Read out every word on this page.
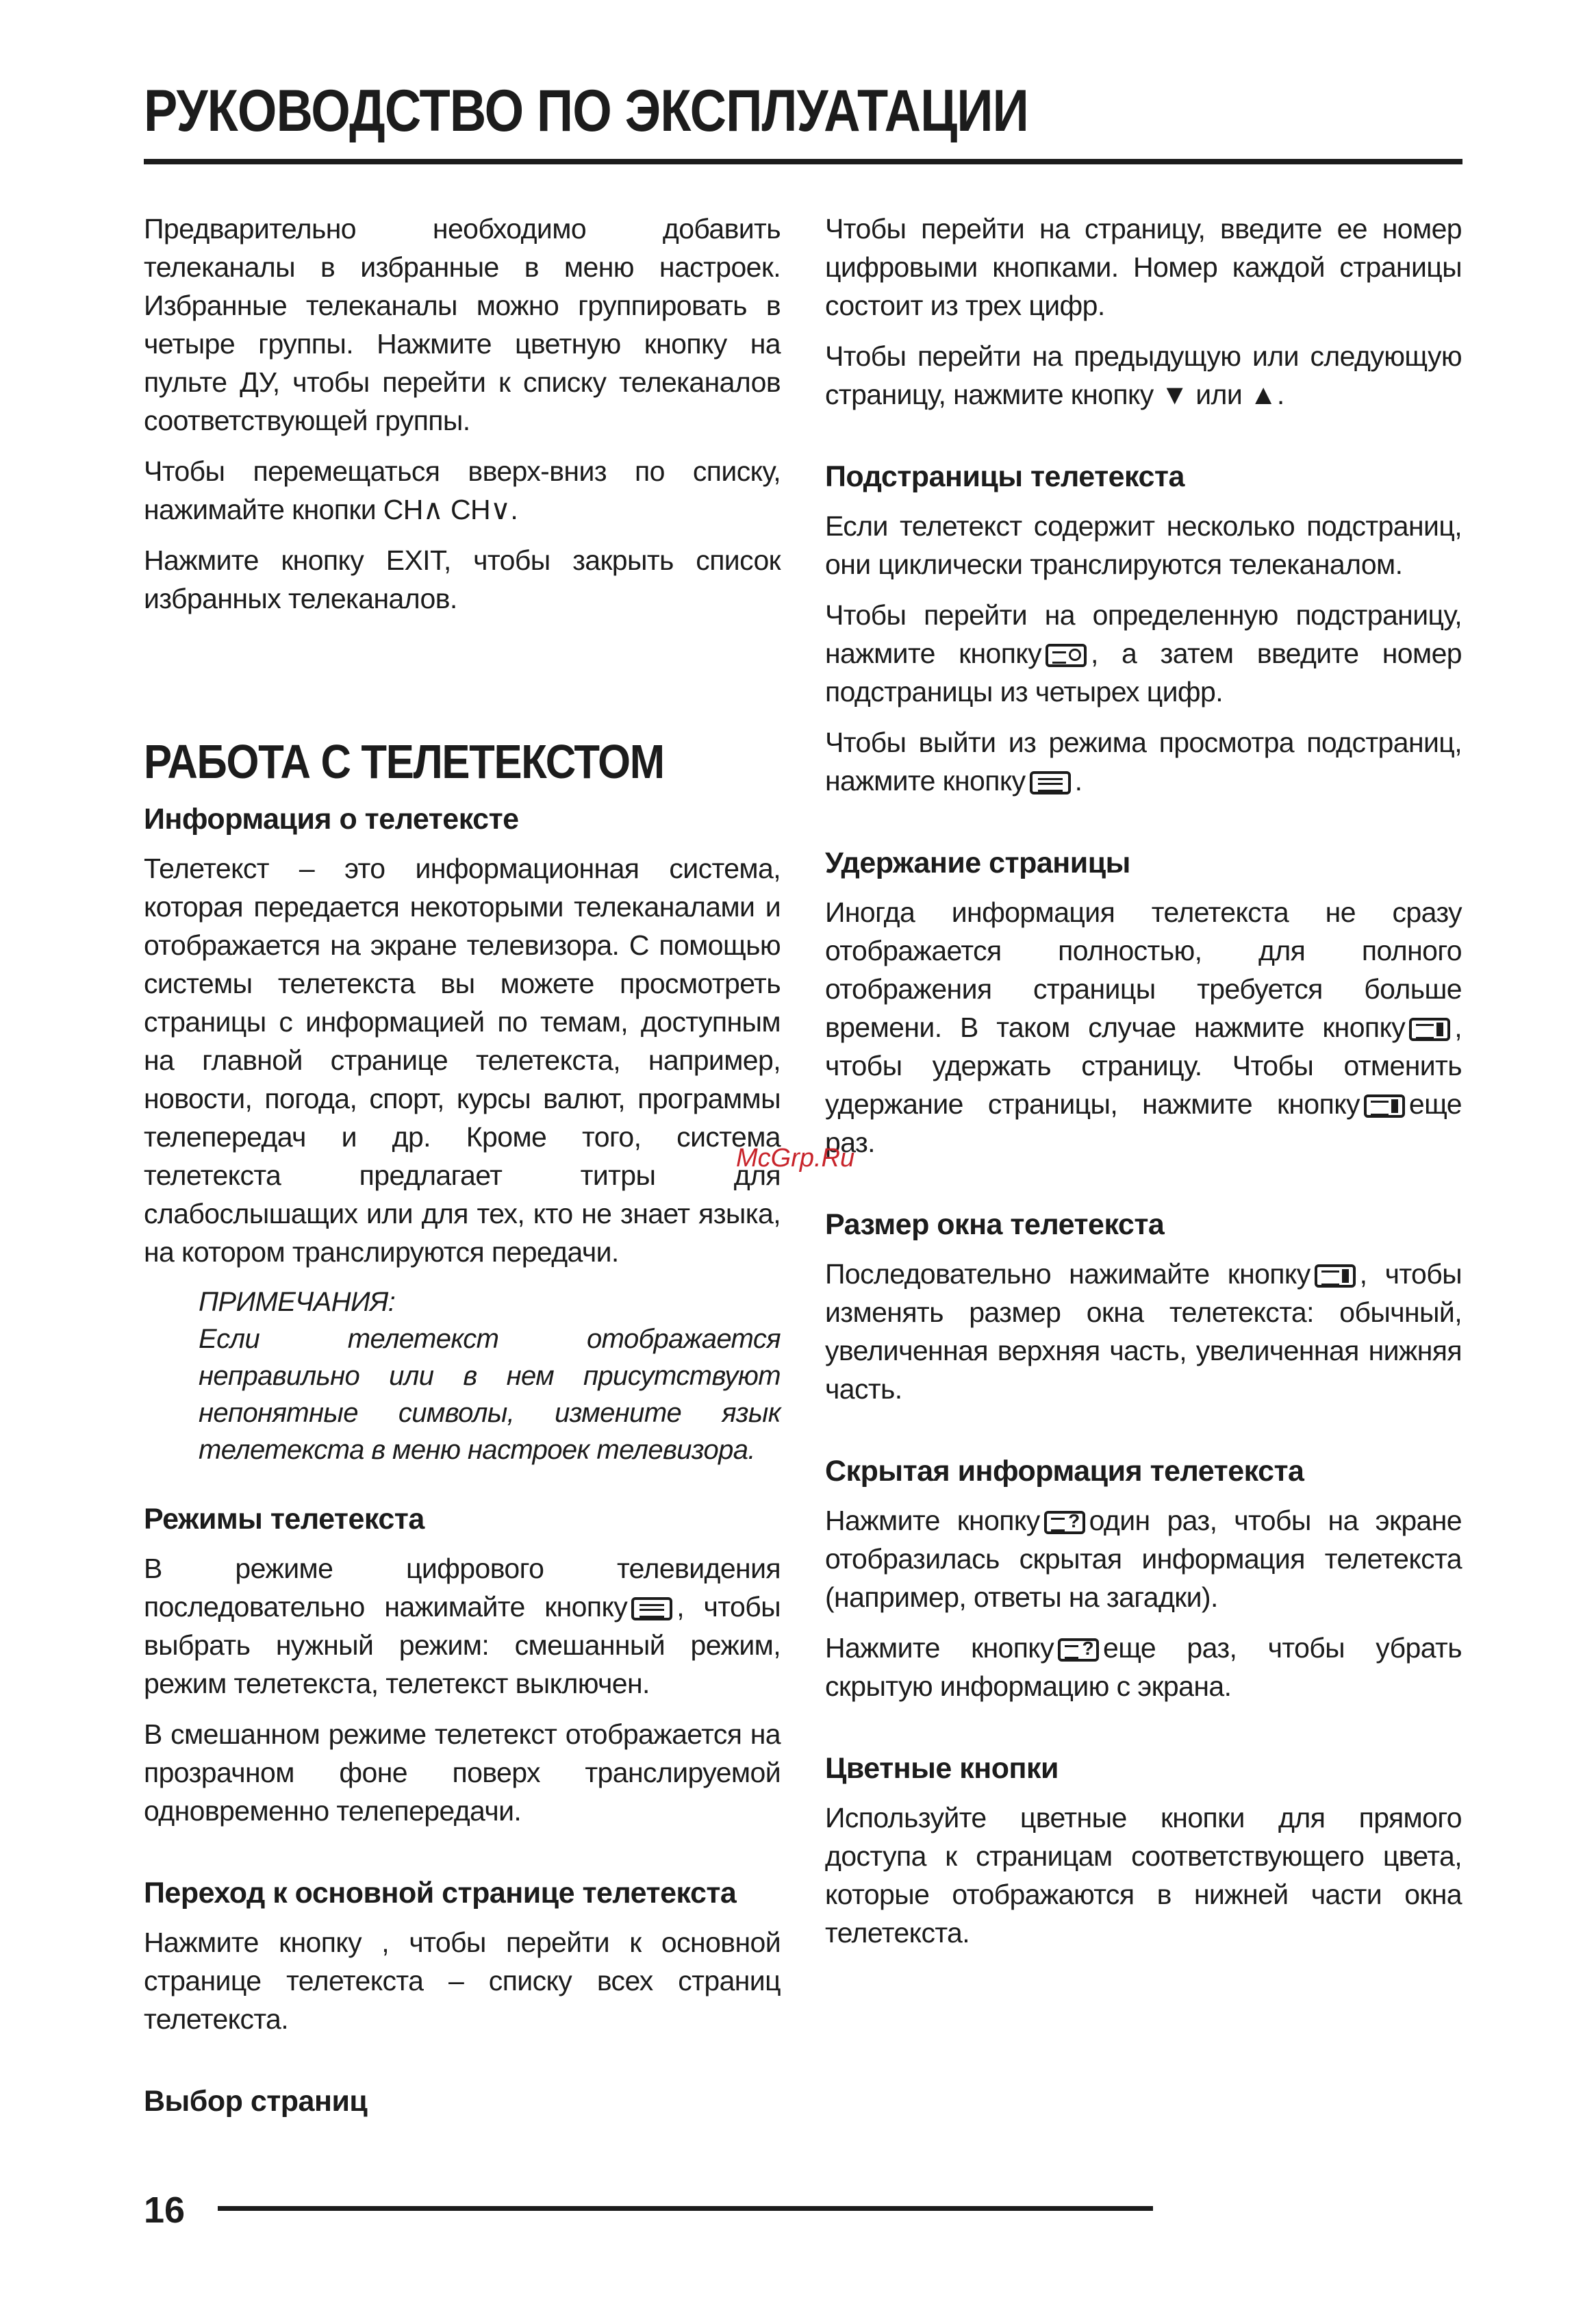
РУКОВОДСТВО ПО ЭКСПЛУАТАЦИИ

Предварительно необходимо добавить телеканалы в избранные в меню настроек. Избранные телеканалы можно группировать в четыре группы. Нажмите цветную кнопку на пульте ДУ, чтобы перейти к списку телеканалов соответствующей группы.

Чтобы перемещаться вверх-вниз по списку, нажимайте кнопки CH∧ CH∨.

Нажмите кнопку EXIT, чтобы закрыть список избранных телеканалов.

РАБОТА С ТЕЛЕТЕКСТОМ
Информация о телетексте

Телетекст – это информационная система, которая передается некоторыми телеканалами и отображается на экране телевизора. С помощью системы телетекста вы можете просмотреть страницы с информацией по темам, доступным на главной странице телетекста, например, новости, погода, спорт, курсы валют, программы телепередач и др. Кроме того, система телетекста предлагает титры для слабослышащих или для тех, кто не знает языка, на котором транслируются передачи.

ПРИМЕЧАНИЯ:

Если телетекст отображается неправильно или в нем присутствуют непонятные символы, измените язык телетекста в меню настроек телевизора.

Режимы телетекста

В режиме цифрового телевидения последовательно нажимайте кнопку , чтобы выбрать нужный режим: смешанный режим, режим телетекста, телетекст выключен.

В смешанном режиме телетекст отображается на прозрачном фоне поверх транслируемой одновременно телепередачи.

Переход к основной странице телетекста

Нажмите кнопку , чтобы перейти к основной странице телетекста – списку всех страниц телетекста.

Выбор страниц

Чтобы перейти на страницу, введите ее номер цифровыми кнопками. Номер каждой страницы состоит из трех цифр.

Чтобы перейти на предыдущую или следующую страницу, нажмите кнопку ▼ или ▲.

Подстраницы телетекста

Если телетекст содержит несколько подстраниц, они циклически транслируются телеканалом.

Чтобы перейти на определенную подстраницу, нажмите кнопку , а затем введите номер подстраницы из четырех цифр.

Чтобы выйти из режима просмотра подстраниц, нажмите кнопку .

Удержание страницы

Иногда информация телетекста не сразу отображается полностью, для полного отображения страницы требуется больше времени. В таком случае нажмите кнопку , чтобы удержать страницу. Чтобы отменить удержание страницы, нажмите кнопку еще раз.

Размер окна телетекста

Последовательно нажимайте кнопку , чтобы изменять размер окна телетекста: обычный, увеличенная верхняя часть, увеличенная нижняя часть.

Скрытая информация телетекста

Нажмите кнопку ? один раз, чтобы на экране отобразилась скрытая информация телетекста (например, ответы на загадки).

Нажмите кнопку ? еще раз, чтобы убрать скрытую информацию с экрана.

Цветные кнопки

Используйте цветные кнопки для прямого доступа к страницам соответствующего цвета, которые отображаются в нижней части окна телетекста.

McGrp.Ru
16
